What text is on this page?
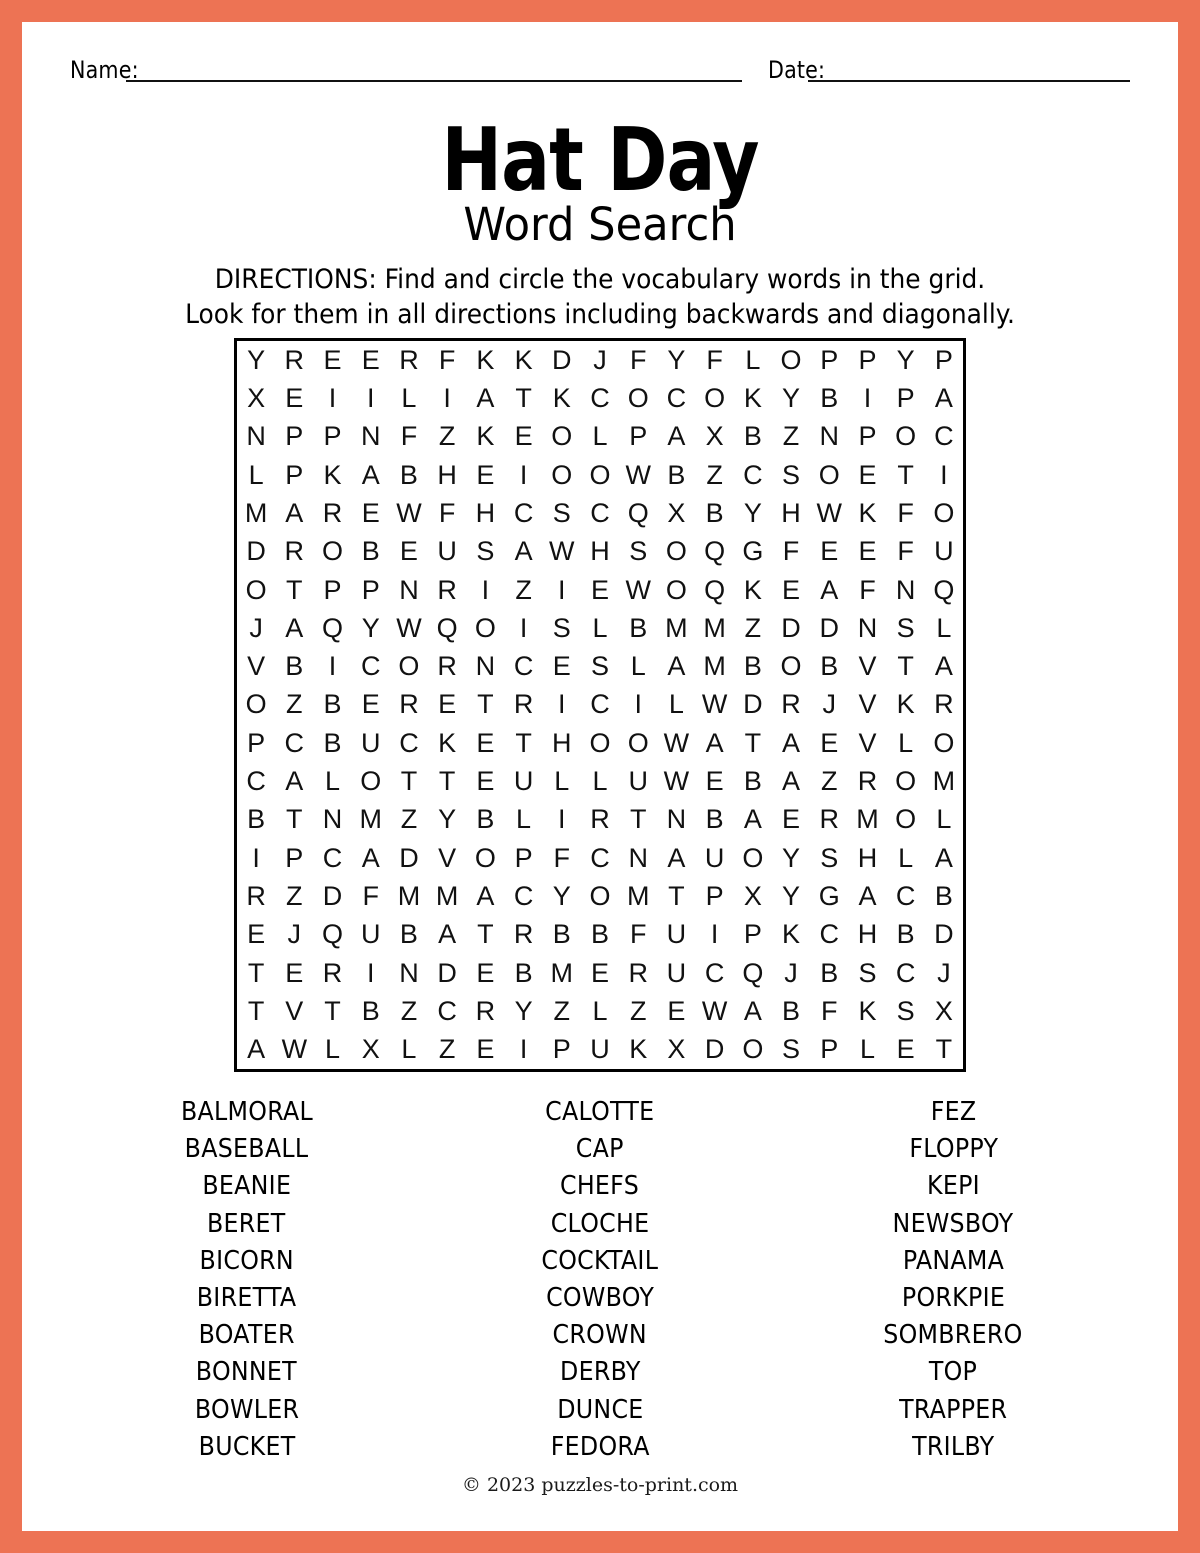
Name:	Date:
Hat Day
Word Search
DIRECTIONS: Find and circle the vocabulary words in the grid.
Look for them in all directions including backwards and diagonally.
Y R E E R F K K D J F Y F L O P P Y P
X E I I L I A T K C O C O K Y B I P A
N P P N F Z K E O L P A X B Z N P O C
L P K A B H E I O O W B Z C S O E T I
M A R E W F H C S C Q X B Y H W K F O
D R O B E U S A W H S O Q G F E E F U
O T P P N R I Z I E W O Q K E A F N Q
J A Q Y W Q O I S L B M M Z D D N S L
V B I C O R N C E S L A M B O B V T A
O Z B E R E T R I C I L W D R J V K R
P C B U C K E T H O O W A T A E V L O
C A L O T T E U L L U W E B A Z R O M
B T N M Z Y B L I R T N B A E R M O L
I P C A D V O P F C N A U O Y S H L A
R Z D F M M A C Y O M T P X Y G A C B
E J Q U B A T R B B F U I P K C H B D
T E R I N D E B M E R U C Q J B S C J
T V T B Z C R Y Z L Z E W A B F K S X
A W L X L Z E I P U K X D O S P L E T
BALMORAL
BASEBALL
BEANIE
BERET
BICORN
BIRETTA
BOATER
BONNET
BOWLER
BUCKET
CALOTTE
CAP
CHEFS
CLOCHE
COCKTAIL
COWBOY
CROWN
DERBY
DUNCE
FEDORA
FEZ
FLOPPY
KEPI
NEWSBOY
PANAMA
PORKPIE
SOMBRERO
TOP
TRAPPER
TRILBY
© 2023 puzzles-to-print.com
